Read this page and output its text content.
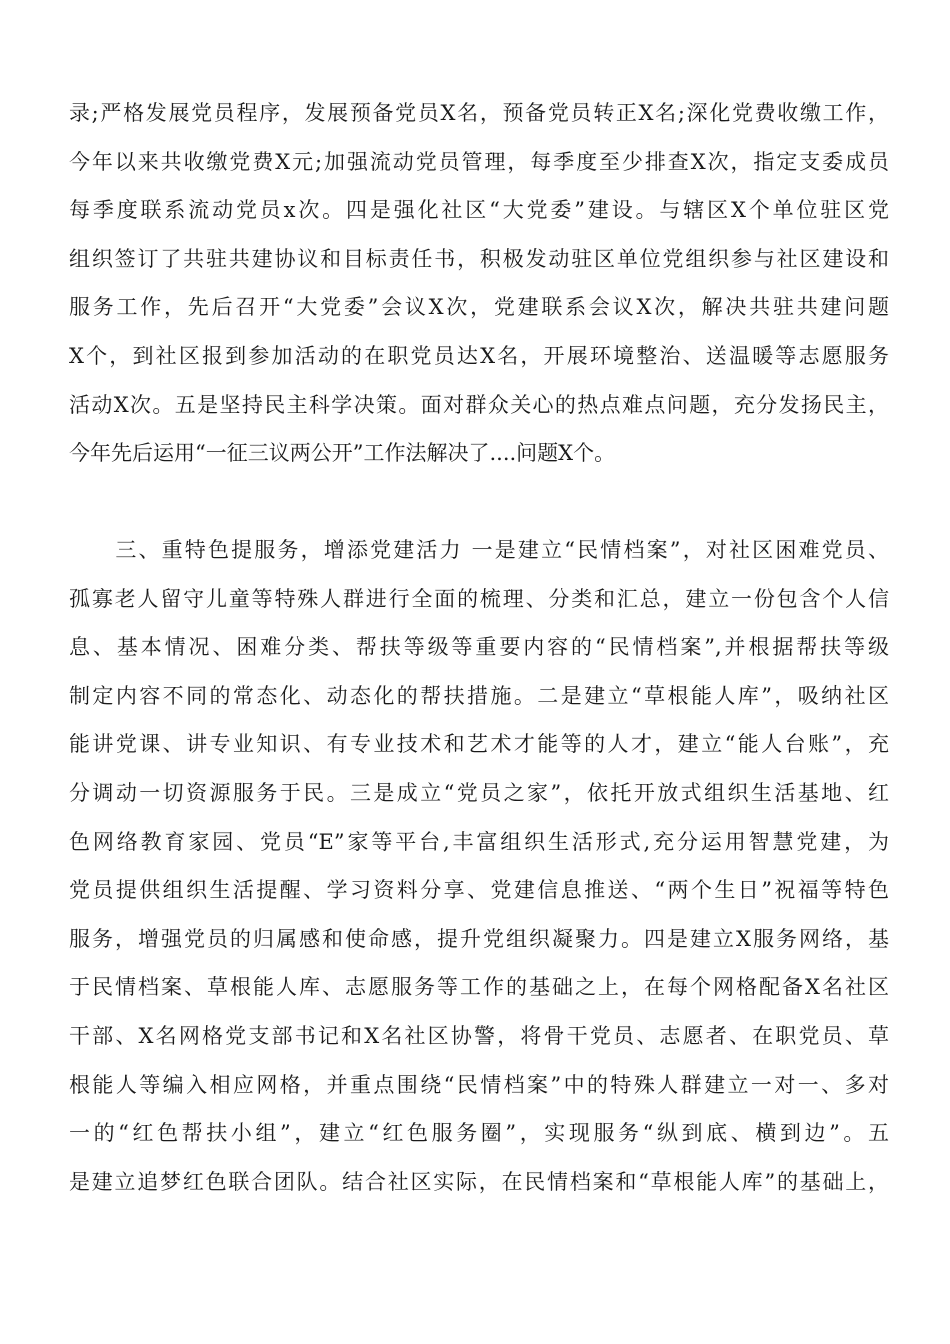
录;严格发展党员程序，发展预备党员X名，预备党员转正X名;深化党费收缴工作，
今年以来共收缴党费X元;加强流动党员管理，每季度至少排查X次，指定支委成员
每季度联系流动党员x次。四是强化社区“大党委”建设。与辖区X个单位驻区党
组织签订了共驻共建协议和目标责任书，积极发动驻区单位党组织参与社区建设和
服务工作，先后召开“大党委”会议X次，党建联系会议X次，解决共驻共建问题
X个，到社区报到参加活动的在职党员达X名，开展环境整治、送温暖等志愿服务
活动X次。五是坚持民主科学决策。面对群众关心的热点难点问题，充分发扬民主，
今年先后运用“一征三议两公开”工作法解决了....问题X个。
　　三、重特色提服务，增添党建活力 一是建立“民情档案”，对社区困难党员、
孤寡老人留守儿童等特殊人群进行全面的梳理、分类和汇总，建立一份包含个人信
息、基本情况、困难分类、帮扶等级等重要内容的“民情档案”,并根据帮扶等级
制定内容不同的常态化、动态化的帮扶措施。二是建立“草根能人库”，吸纳社区
能讲党课、讲专业知识、有专业技术和艺术才能等的人才，建立“能人台账”，充
分调动一切资源服务于民。三是成立“党员之家”，依托开放式组织生活基地、红
色网络教育家园、党员“E”家等平台,丰富组织生活形式,充分运用智慧党建，为
党员提供组织生活提醒、学习资料分享、党建信息推送、“两个生日”祝福等特色
服务，增强党员的归属感和使命感，提升党组织凝聚力。四是建立X服务网络，基
于民情档案、草根能人库、志愿服务等工作的基础之上，在每个网格配备X名社区
干部、X名网格党支部书记和X名社区协警，将骨干党员、志愿者、在职党员、草
根能人等编入相应网格，并重点围绕“民情档案”中的特殊人群建立一对一、多对
一的“红色帮扶小组”，建立“红色服务圈”，实现服务“纵到底、横到边”。五
是建立追梦红色联合团队。结合社区实际，在民情档案和“草根能人库”的基础上，
